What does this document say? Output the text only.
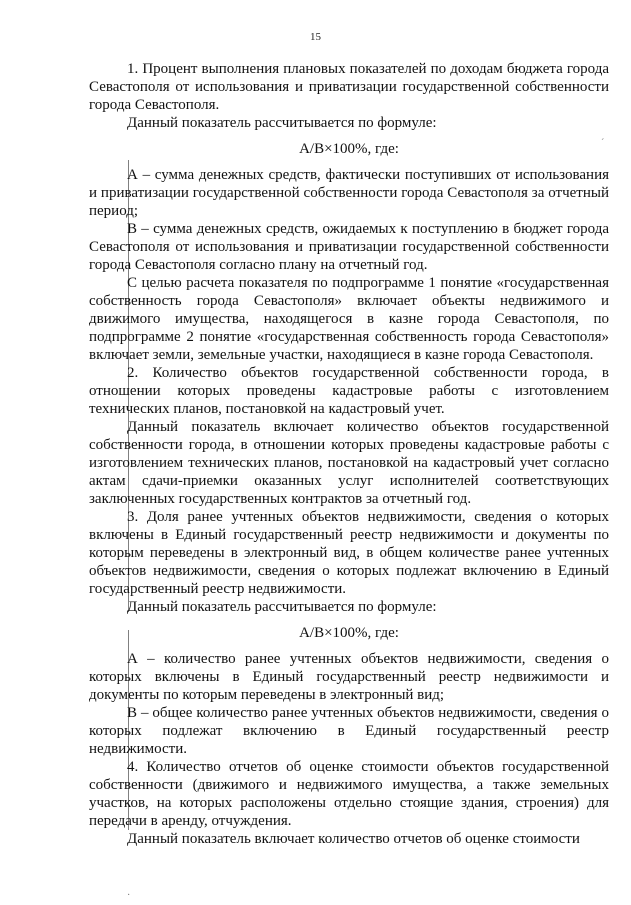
15
´
·

1. Процент выполнения плановых показателей по доходам бюджета города Севастополя от использования и приватизации государственной собственности города Севастополя.

Данный показатель рассчитывается по формуле:

А/В×100%, где:

А – сумма денежных средств, фактически поступивших от использования и приватизации государственной собственности города Севастополя за отчетный период;

В – сумма денежных средств, ожидаемых к поступлению в бюджет города Севастополя от использования и приватизации государственной собственности города Севастополя согласно плану на отчетный год.

С целью расчета показателя по подпрограмме 1 понятие «государственная собственность города Севастополя» включает объекты недвижимого и движимого имущества, находящегося в казне города Севастополя, по подпрограмме 2 понятие «государственная собственность города Севастополя» включает земли, земельные участки, находящиеся в казне города Севастополя.

2. Количество объектов государственной собственности города, в отношении которых проведены кадастровые работы с изготовлением технических планов, постановкой на кадастровый учет.

Данный показатель включает количество объектов государственной собственности города, в отношении которых проведены кадастровые работы с изготовлением технических планов, постановкой на кадастровый учет согласно актам сдачи-приемки оказанных услуг исполнителей соответствующих заключенных государственных контрактов за отчетный год.

3. Доля ранее учтенных объектов недвижимости, сведения о которых включены в Единый государственный реестр недвижимости и документы по которым переведены в электронный вид, в общем количестве ранее учтенных объектов недвижимости, сведения о которых подлежат включению в Единый государственный реестр недвижимости.

Данный показатель рассчитывается по формуле:

А/В×100%, где:

А – количество ранее учтенных объектов недвижимости, сведения о которых включены в Единый государственный реестр недвижимости и документы по которым переведены в электронный вид;

В – общее количество ранее учтенных объектов недвижимости, сведения о которых подлежат включению в Единый государственный реестр недвижимости.

4. Количество отчетов об оценке стоимости объектов государственной собственности (движимого и недвижимого имущества, а также земельных участков, на которых расположены отдельно стоящие здания, строения) для передачи в аренду, отчуждения.

Данный показатель включает количество отчетов об оценке стоимости
